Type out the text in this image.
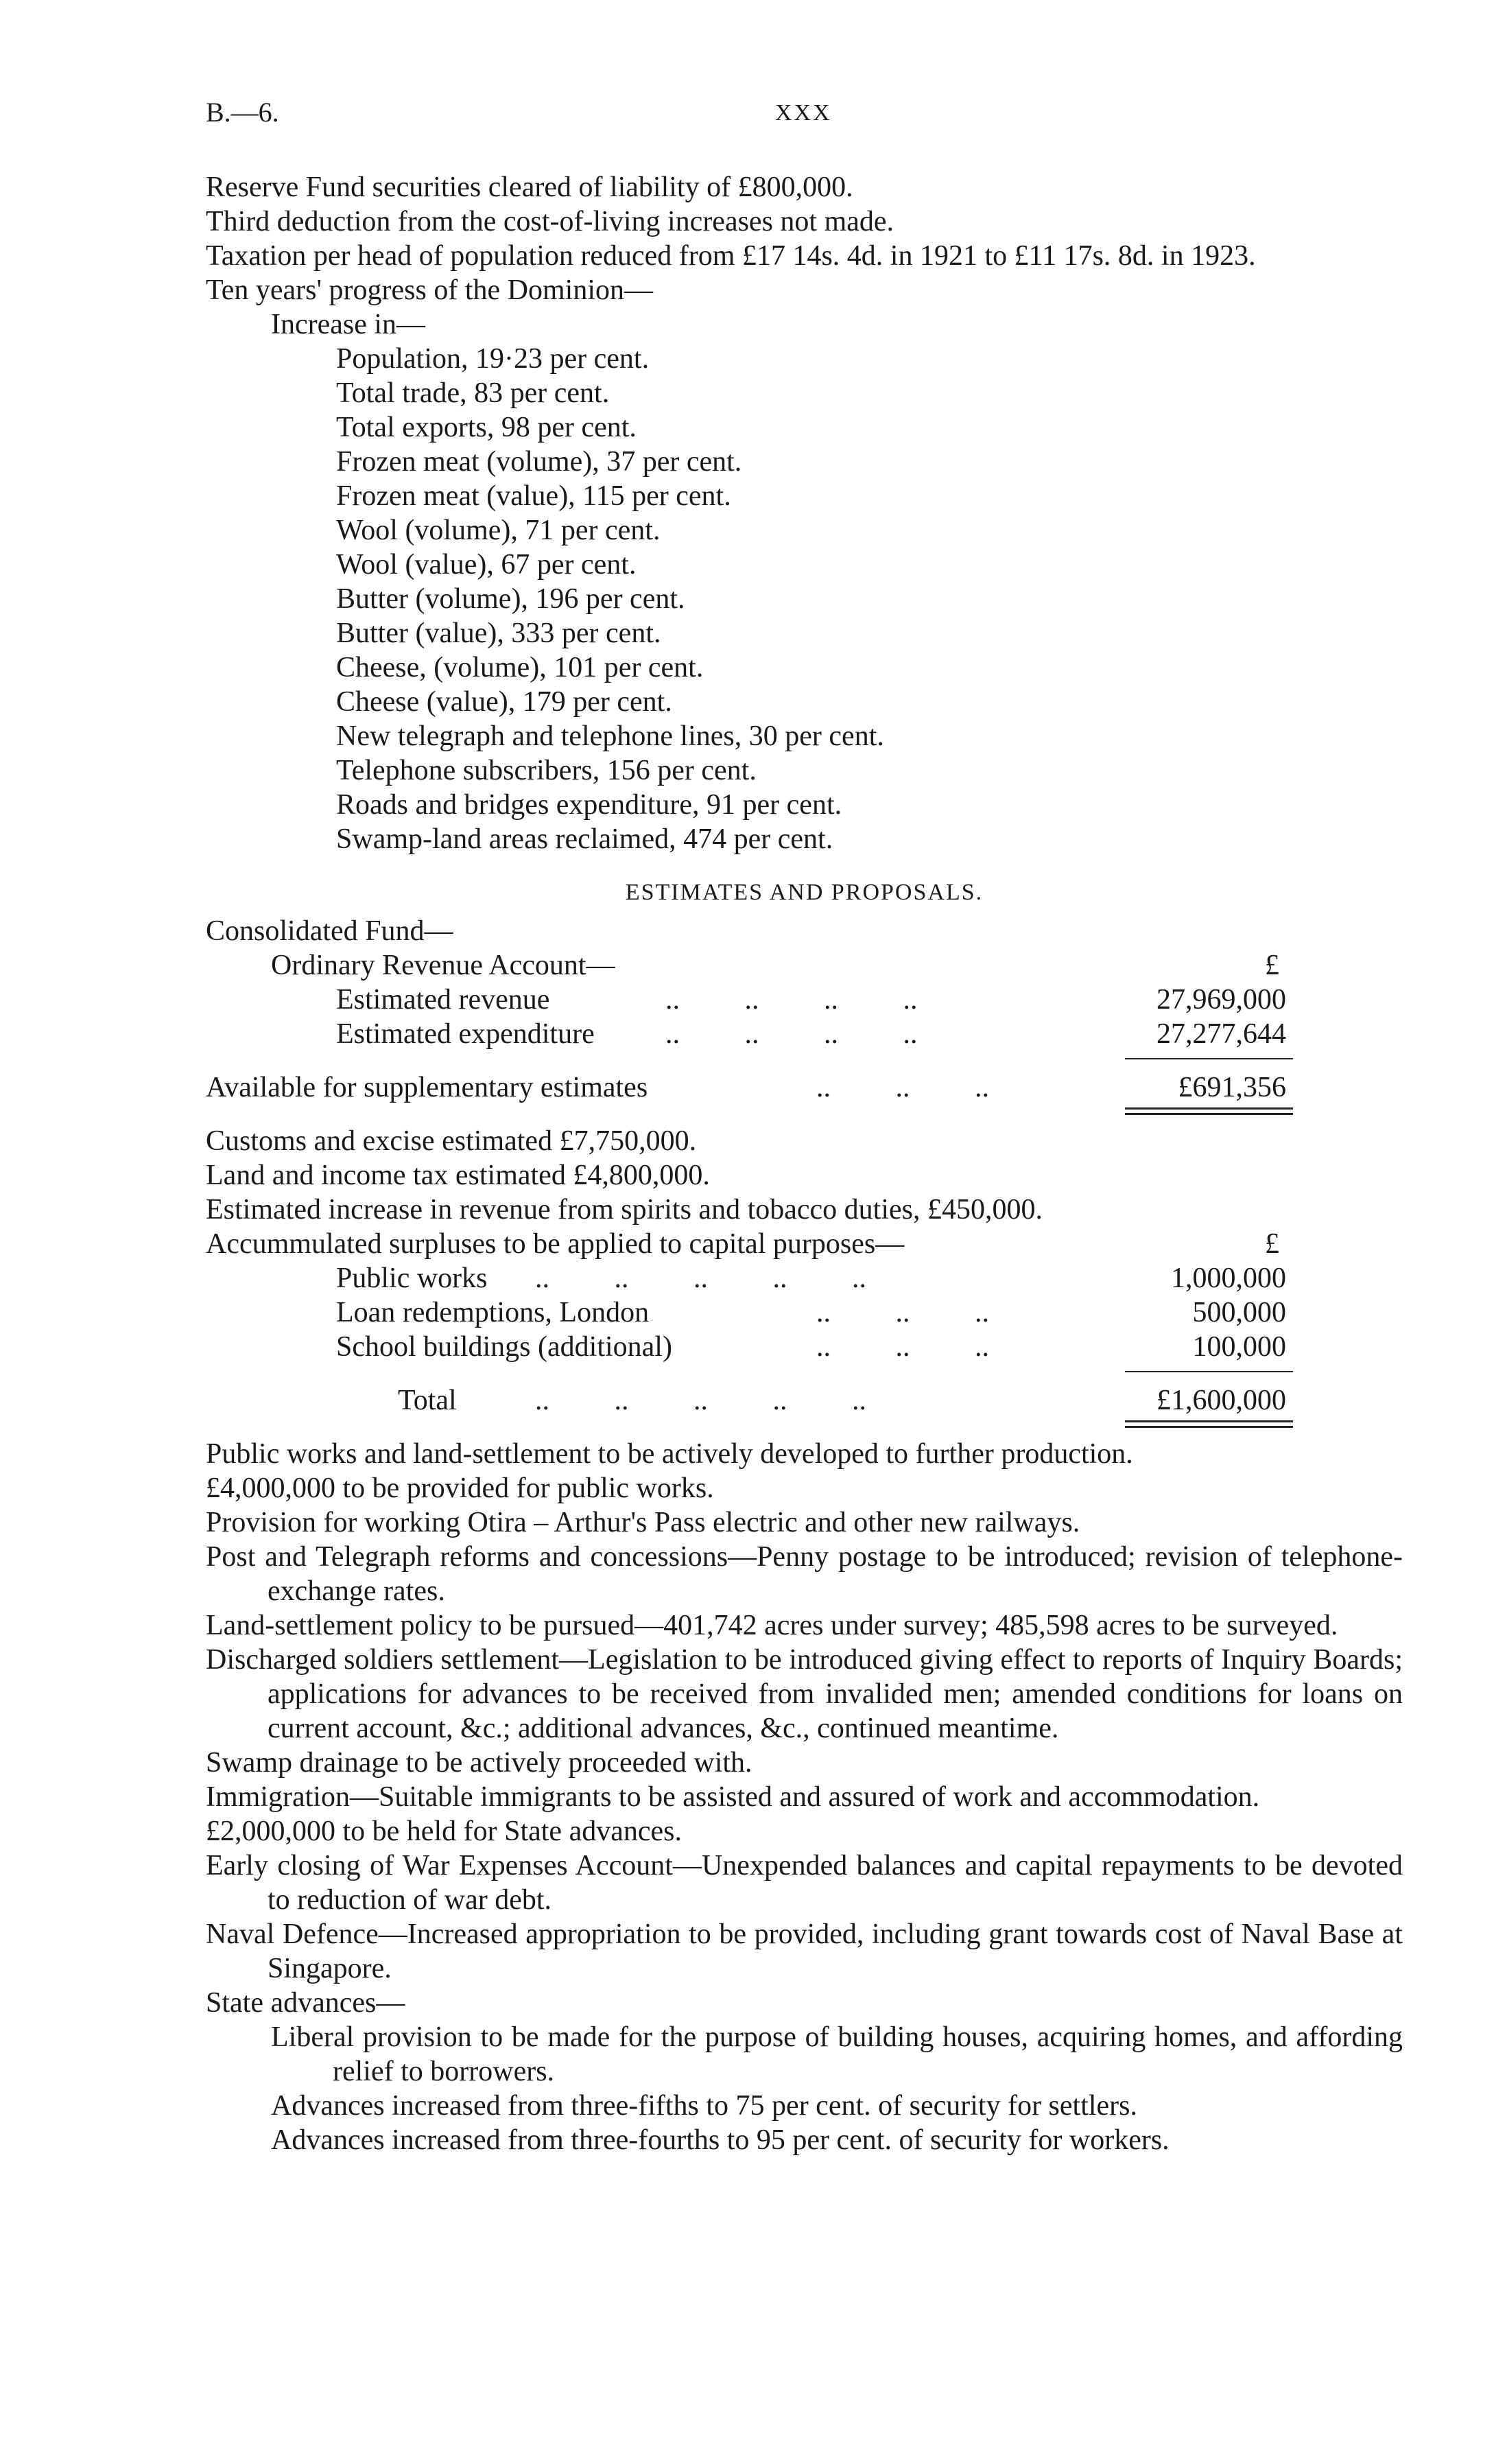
B.—6.	XXX

Reserve Fund securities cleared of liability of £800,000.

Third deduction from the cost-of-living increases not made.

Taxation per head of population reduced from £17 14s. 4d. in 1921 to £11 17s. 8d. in 1923.

Ten years' progress of the Dominion—

Increase in—

Population, 19·23 per cent.

Total trade, 83 per cent.

Total exports, 98 per cent.

Frozen meat (volume), 37 per cent.

Frozen meat (value), 115 per cent.

Wool (volume), 71 per cent.

Wool (value), 67 per cent.

Butter (volume), 196 per cent.

Butter (value), 333 per cent.

Cheese, (volume), 101 per cent.

Cheese (value), 179 per cent.

New telegraph and telephone lines, 30 per cent.

Telephone subscribers, 156 per cent.

Roads and bridges expenditure, 91 per cent.

Swamp-land areas reclaimed, 474 per cent.

ESTIMATES AND PROPOSALS.

Consolidated Fund—

Ordinary Revenue Account—	£
Estimated revenue	..         ..         ..         ..	27,969,000
Estimated expenditure ..         ..         ..         ..	27,277,644
Available for supplementary estimates	..         ..         ..	£691,356

Customs and excise estimated £7,750,000.

Land and income tax estimated £4,800,000.

Estimated increase in revenue from spirits and tobacco duties, £450,000.

Accummulated surpluses to be applied to capital purposes—	£
Public works ..         ..         ..         ..         ..	1,000,000
Loan redemptions, London	..         ..         ..	500,000
School buildings (additional)	..         ..         ..	100,000
Total	..         ..         ..         ..         ..	£1,600,000

Public works and land-settlement to be actively developed to further production.

£4,000,000 to be provided for public works.

Provision for working Otira – Arthur's Pass electric and other new railways.

Post and Telegraph reforms and concessions—Penny postage to be introduced; revision of telephone-exchange rates.

Land-settlement policy to be pursued—401,742 acres under survey; 485,598 acres to be surveyed.

Discharged soldiers settlement—Legislation to be introduced giving effect to reports of Inquiry Boards; applications for advances to be received from invalided men; amended conditions for loans on current account, &c.; additional advances, &c., continued meantime.

Swamp drainage to be actively proceeded with.

Immigration—Suitable immigrants to be assisted and assured of work and accommodation.

£2,000,000 to be held for State advances.

Early closing of War Expenses Account—Unexpended balances and capital repayments to be devoted to reduction of war debt.

Naval Defence—Increased appropriation to be provided, including grant towards cost of Naval Base at Singapore.

State advances—

Liberal provision to be made for the purpose of building houses, acquiring homes, and affording relief to borrowers.

Advances increased from three-fifths to 75 per cent. of security for settlers.

Advances increased from three-fourths to 95 per cent. of security for workers.
